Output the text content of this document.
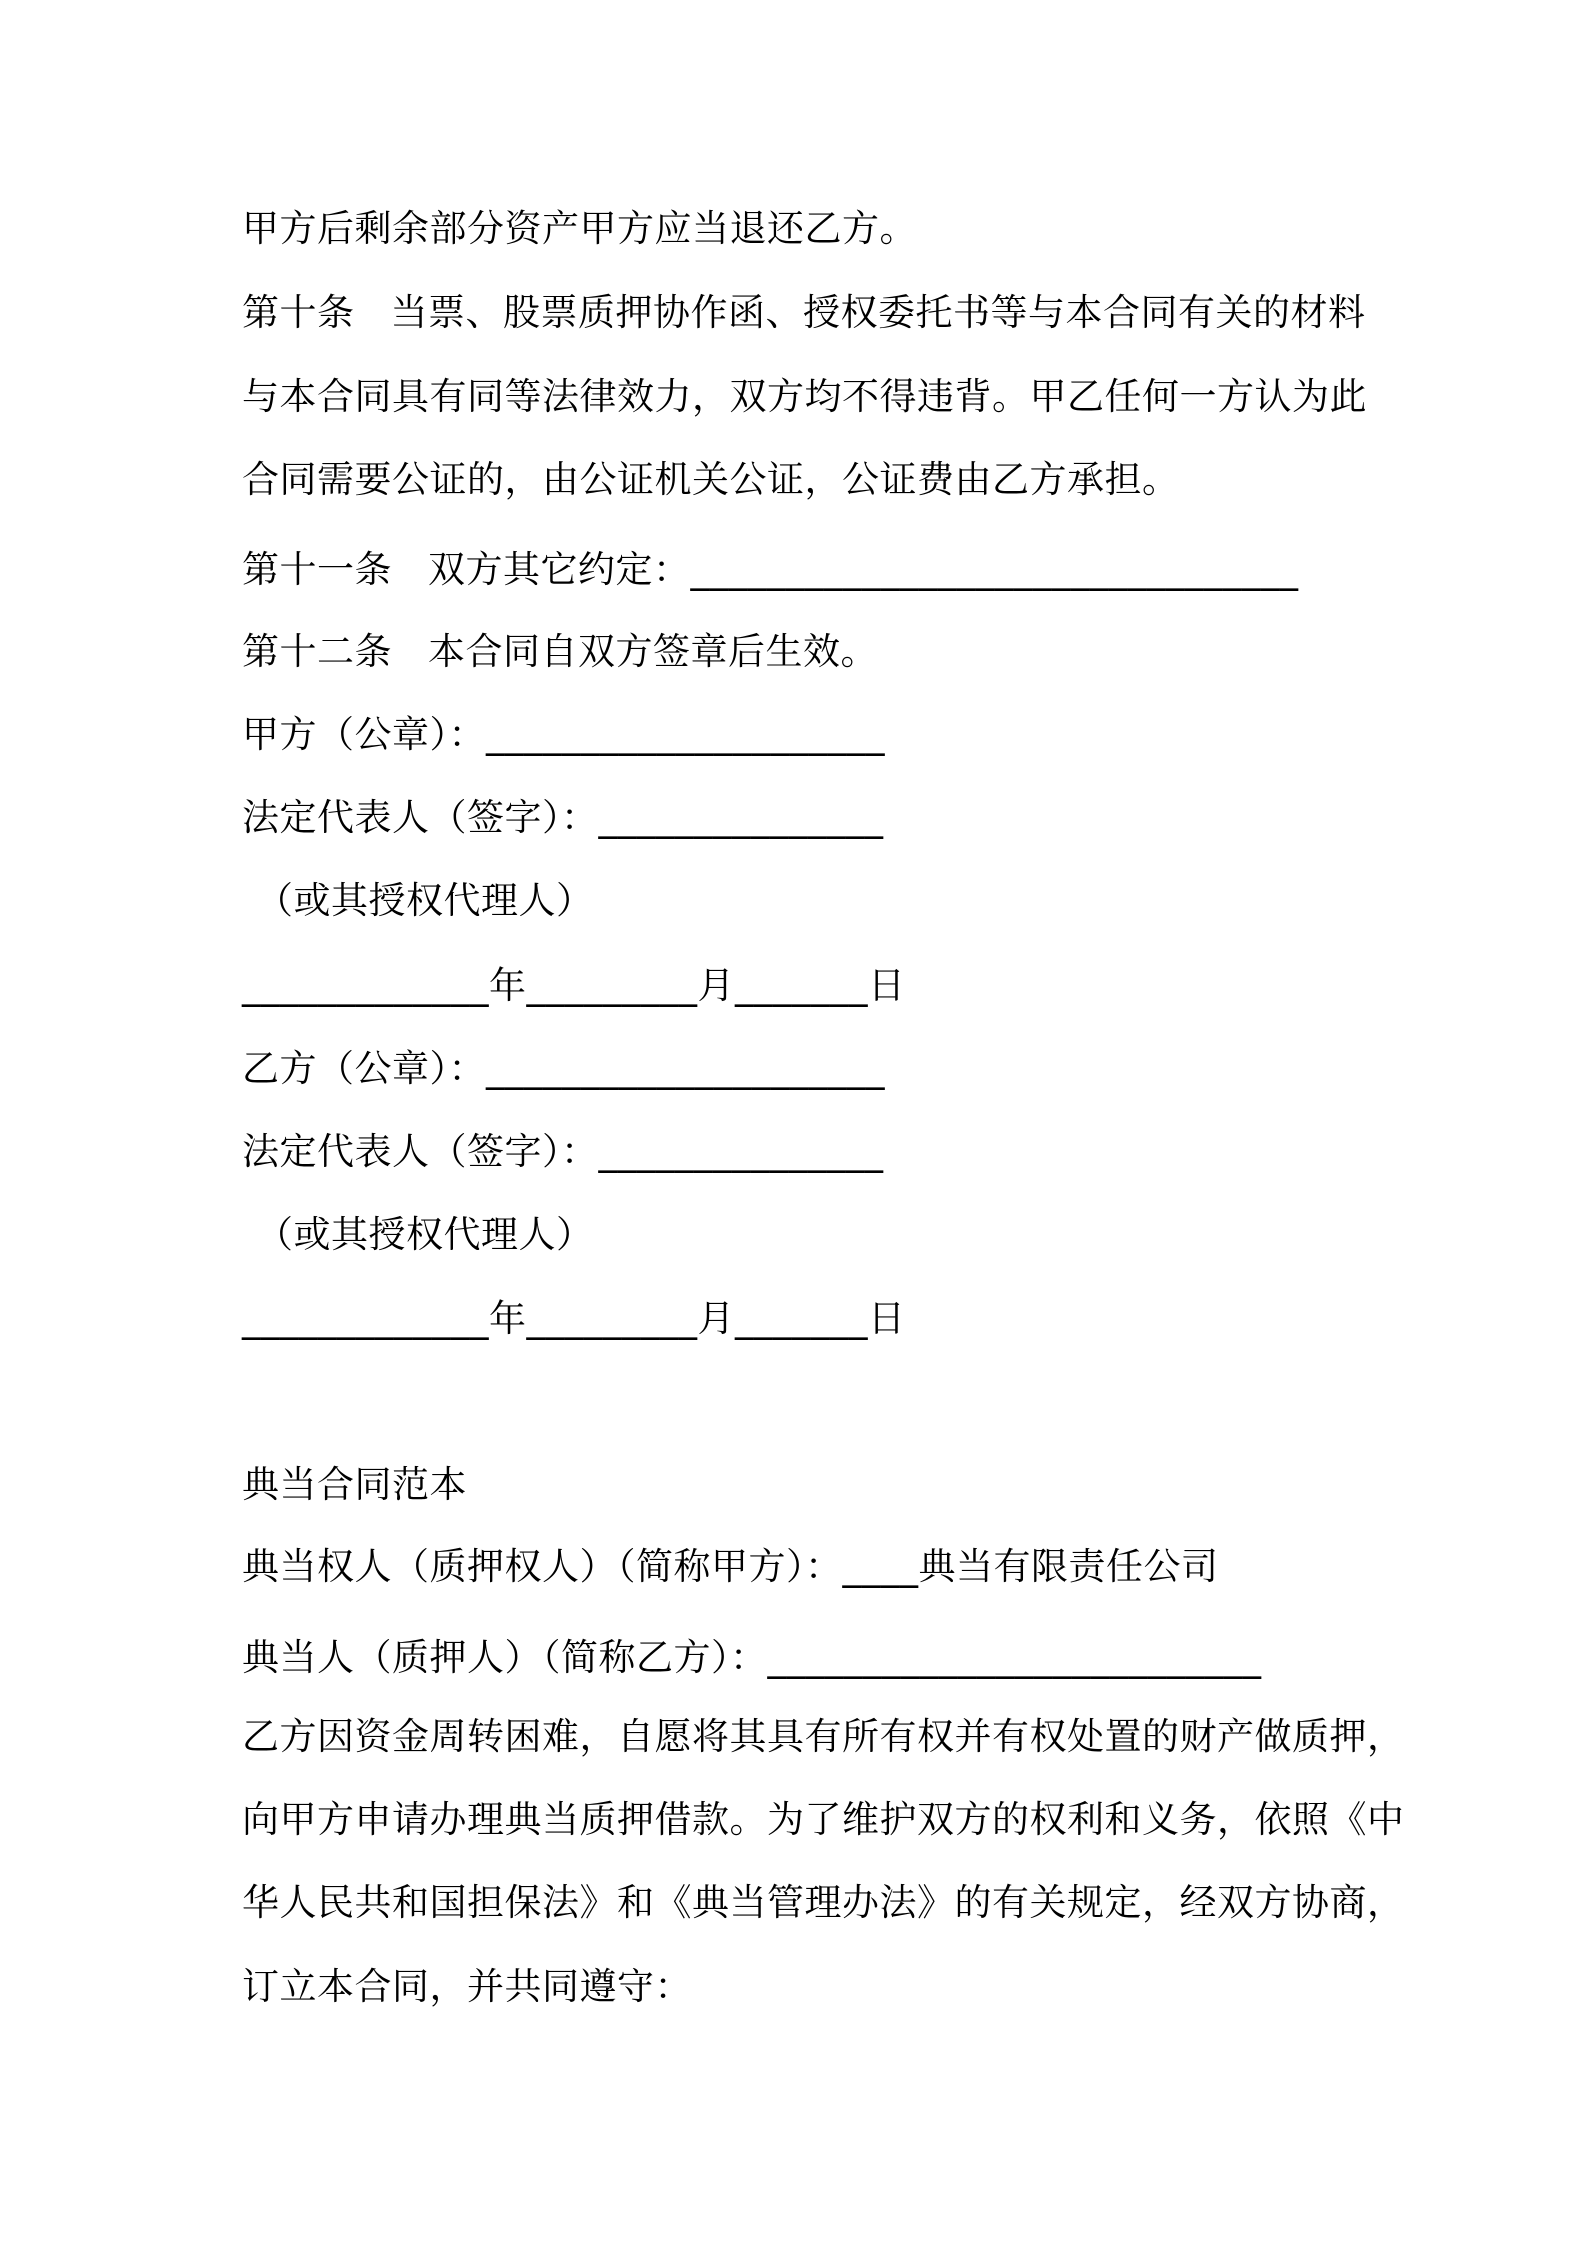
甲方后剩余部分资产甲方应当退还乙方。
第十条 当票、股票质押协作函、授权委托书等与本合同有关的材料
与本合同具有同等法律效力，双方均不得违背。甲乙任何一方认为此
合同需要公证的，由公证机关公证，公证费由乙方承担。
第十一条 双方其它约定：________________________________
第十二条 本合同自双方签章后生效。
甲方（公章）：_____________________
法定代表人（签字）：_______________
（或其授权代理人）
_____________年_________月_______日
乙方（公章）：_____________________
法定代表人（签字）：_______________
（或其授权代理人）
_____________年_________月_______日
典当合同范本
典当权人（质押权人）（简称甲方）：____典当有限责任公司
典当人（质押人）（简称乙方）：__________________________
乙方因资金周转困难，自愿将其具有所有权并有权处置的财产做质押，
向甲方申请办理典当质押借款。为了维护双方的权利和义务，依照《中
华人民共和国担保法》和《典当管理办法》的有关规定，经双方协商，
订立本合同，并共同遵守：
